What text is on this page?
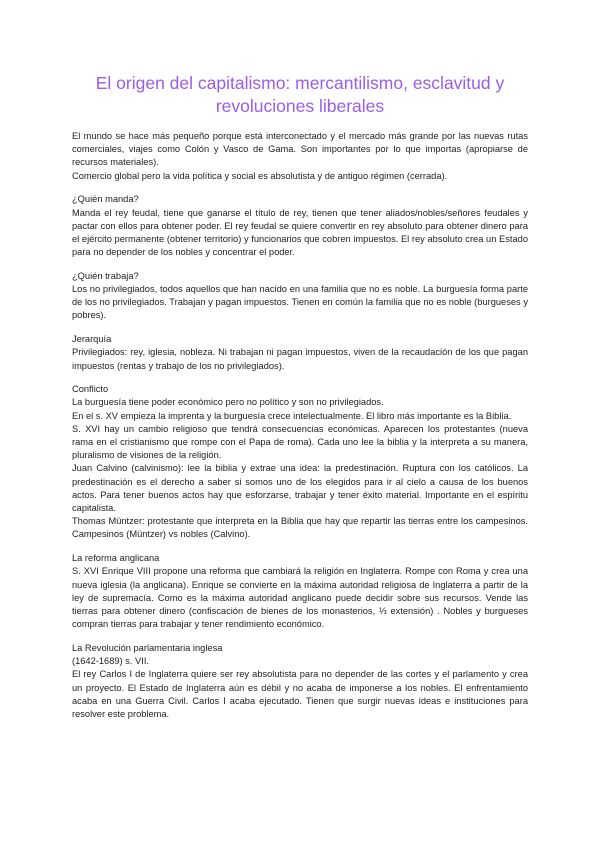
El origen del capitalismo: mercantilismo, esclavitud y revoluciones liberales

El mundo se hace más pequeño porque está interconectado y el mercado más grande por las nuevas rutas comerciales, viajes como Colón y Vasco de Gama. Son importantes por lo que importas (apropiarse de recursos materiales).

Comercio global pero la vida política y social es absolutista y de antiguo régimen (cerrada).

¿Quién manda?

Manda el rey feudal, tiene que ganarse el título de rey, tienen que tener aliados/nobles/señores feudales y pactar con ellos para obtener poder. El rey feudal se quiere convertir en rey absoluto para obtener dinero para el ejército permanente (obtener territorio) y funcionarios que cobren impuestos. El rey absoluto crea un Estado para no depender de los nobles y concentrar el poder.

¿Quién trabaja?

Los no privilegiados, todos aquellos que han nacido en una familia que no es noble. La burguesía forma parte de los no privilegiados. Trabajan y pagan impuestos. Tienen en común la familia que no es noble (burgueses y pobres).

Jerarquía

Privilegiados: rey, iglesia, nobleza. Ni trabajan ni pagan impuestos, viven de la recaudación de los que pagan impuestos (rentas y trabajo de los no privilegiados).

Conflicto

La burguesía tiene poder económico pero no político y son no privilegiados.

En el s. XV empieza la imprenta y la burguesía crece intelectualmente. El libro más importante es la Biblia.

S. XVI hay un cambio religioso que tendrá consecuencias económicas. Aparecen los protestantes (nueva rama en el cristianismo que rompe con el Papa de roma). Cada uno lee la biblia y la interpreta a su manera, pluralismo de visiones de la religión.

Juan Calvino (calvinismo): lee la biblia y extrae una idea: la predestinación. Ruptura con los católicos. La predestinación es el derecho a saber si somos uno de los elegidos para ir al cielo a causa de los buenos actos. Para tener buenos actos hay que esforzarse, trabajar y tener éxito material. Importante en el espíritu capitalista.

Thomas Müntzer: protestante que interpreta en la Biblia que hay que repartir las tierras entre los campesinos. Campesinos (Müntzer) vs nobles (Calvino).

La reforma anglicana

S. XVI Enrique VIII propone una reforma que cambiará la religión en Inglaterra. Rompe con Roma y crea una nueva iglesia (la anglicana). Enrique se convierte en la máxima autoridad religiosa de Inglaterra a partir de la ley de supremacía. Como es la máxima autoridad anglicano puede decidir sobre sus recursos. Vende las tierras para obtener dinero (confiscación de bienes de los monasterios, ⅓ extensión) . Nobles y burgueses compran tierras para trabajar y tener rendimiento económico.

La Revolución parlamentaria inglesa

(1642-1689) s. VII.

El rey Carlos I de Inglaterra quiere ser rey absolutista para no depender de las cortes y el parlamento y crea un proyecto. El Estado de Inglaterra aún es débil y no acaba de imponerse a los nobles. El enfrentamiento acaba en una Guerra Civil. Carlos I acaba ejecutado. Tienen que surgir nuevas ideas e instituciones para resolver este problema.
